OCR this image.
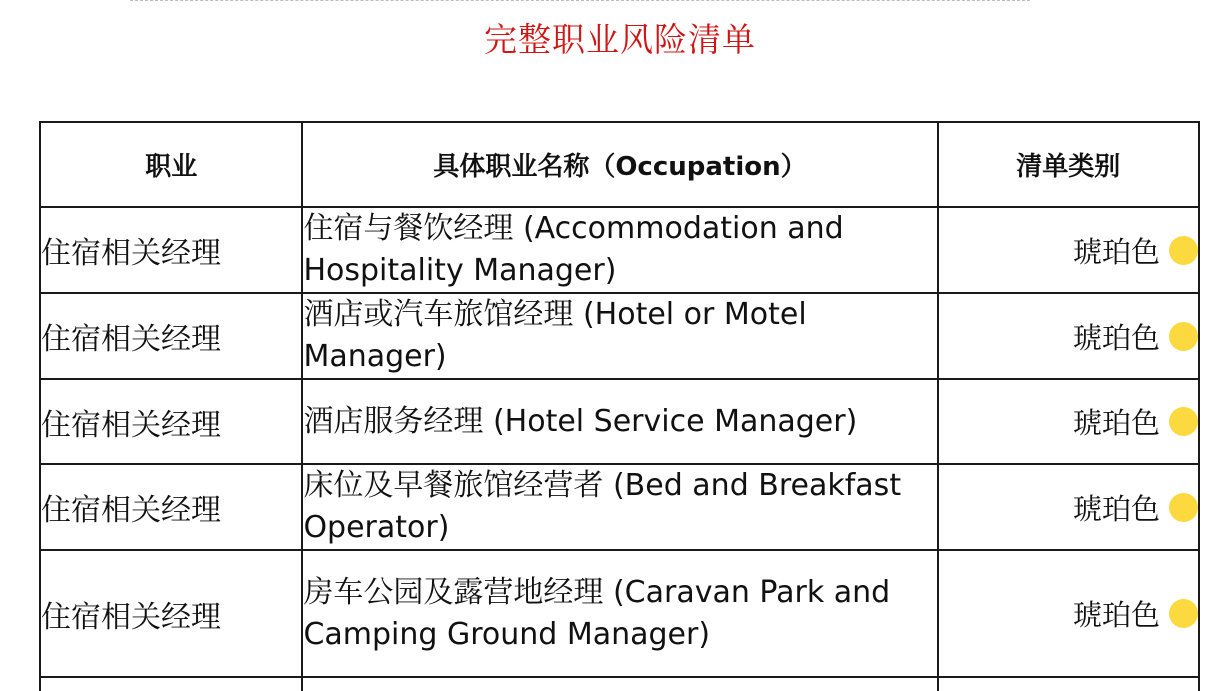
完整职业风险清单
职业	具体职业名称（Occupation）	清单类别
住宿相关经理	住宿与餐饮经理 (Accommodation and Hospitality Manager)	琥珀色

住宿相关经理	酒店或汽车旅馆经理 (Hotel or Motel Manager)	琥珀色

住宿相关经理	酒店服务经理 (Hotel Service Manager)	琥珀色

住宿相关经理	床位及早餐旅馆经营者 (Bed and Breakfast Operator)	琥珀色

住宿相关经理	房车公园及露营地经理 (Caravan Park and Camping Ground Manager)	琥珀色
